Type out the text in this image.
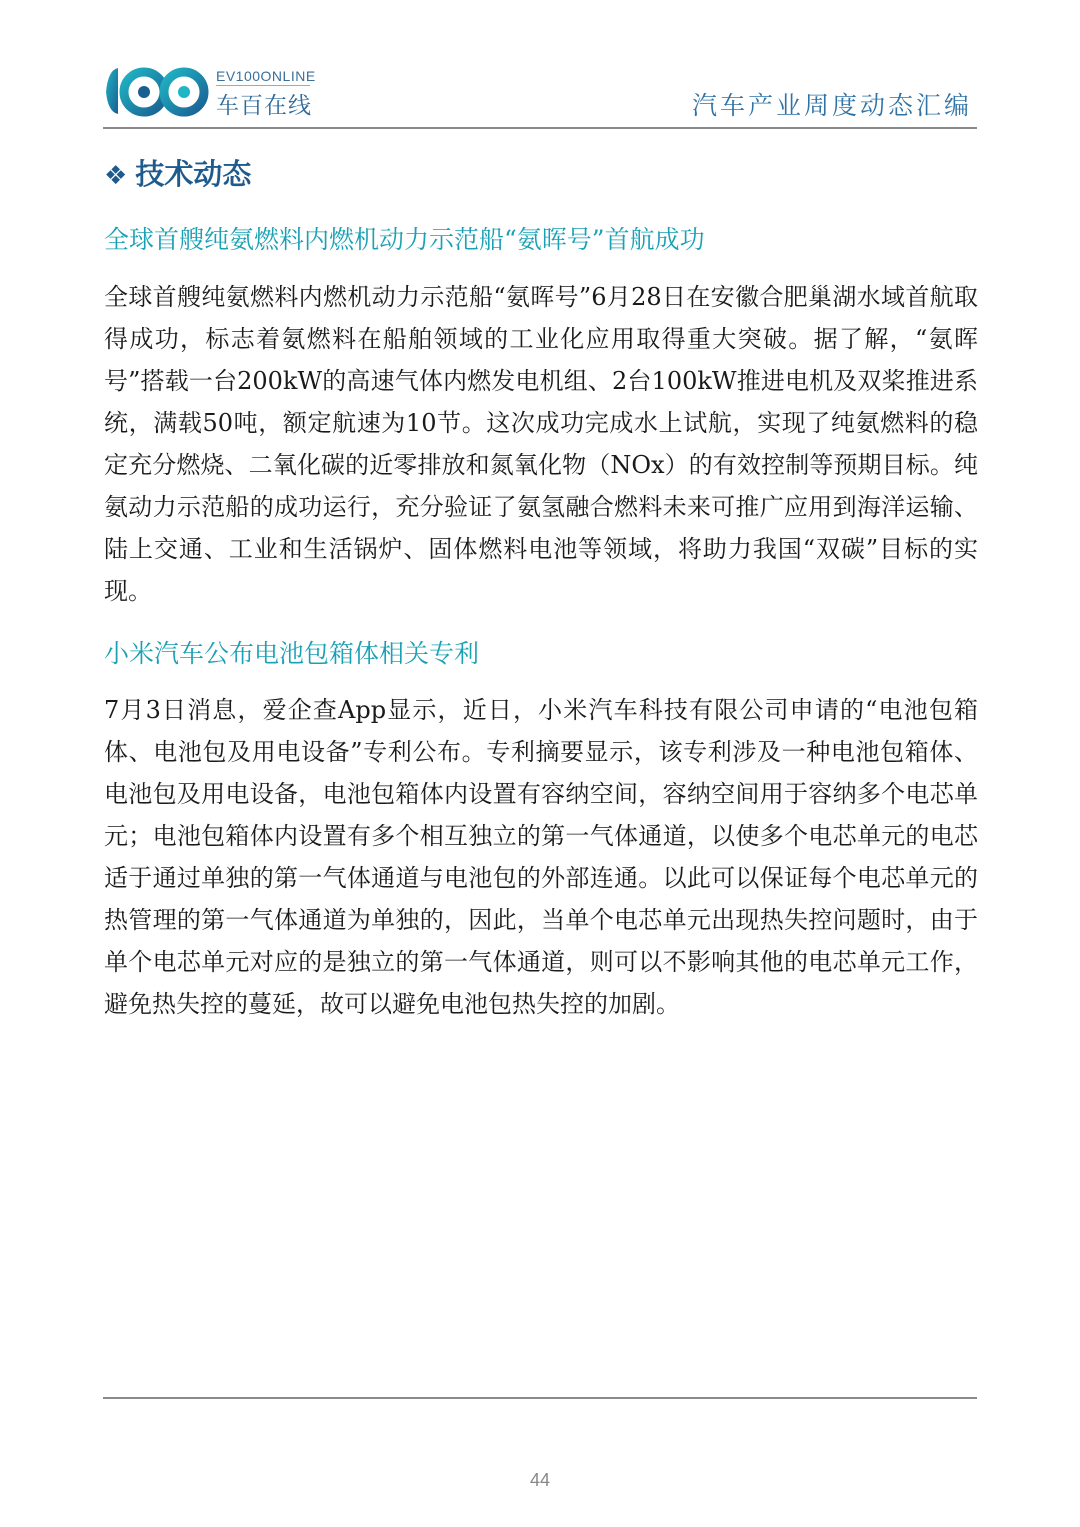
EV100ONLINE
车百在线	汽车产业周度动态汇编
❖ 技术动态
全球首艘纯氨燃料内燃机动力示范船“氨晖号”首航成功

全球首艘纯氨燃料内燃机动力示范船“氨晖号”6月28日在安徽合肥巢湖水域首航取得成功，标志着氨燃料在船舶领域的工业化应用取得重大突破。据了解，“氨晖号”搭载一台200kW的高速气体内燃发电机组、2台100kW推进电机及双桨推进系统，满载50吨，额定航速为10节。这次成功完成水上试航，实现了纯氨燃料的稳定充分燃烧、二氧化碳的近零排放和氮氧化物（NOx）的有效控制等预期目标。纯氨动力示范船的成功运行，充分验证了氨氢融合燃料未来可推广应用到海洋运输、陆上交通、工业和生活锅炉、固体燃料电池等领域，将助力我国“双碳”目标的实现。

小米汽车公布电池包箱体相关专利

7月3日消息，爱企查App显示，近日，小米汽车科技有限公司申请的“电池包箱体、电池包及用电设备”专利公布。专利摘要显示，该专利涉及一种电池包箱体、电池包及用电设备，电池包箱体内设置有容纳空间，容纳空间用于容纳多个电芯单元；电池包箱体内设置有多个相互独立的第一气体通道，以使多个电芯单元的电芯适于通过单独的第一气体通道与电池包的外部连通。以此可以保证每个电芯单元的热管理的第一气体通道为单独的，因此，当单个电芯单元出现热失控问题时，由于单个电芯单元对应的是独立的第一气体通道，则可以不影响其他的电芯单元工作，避免热失控的蔓延，故可以避免电池包热失控的加剧。

44
